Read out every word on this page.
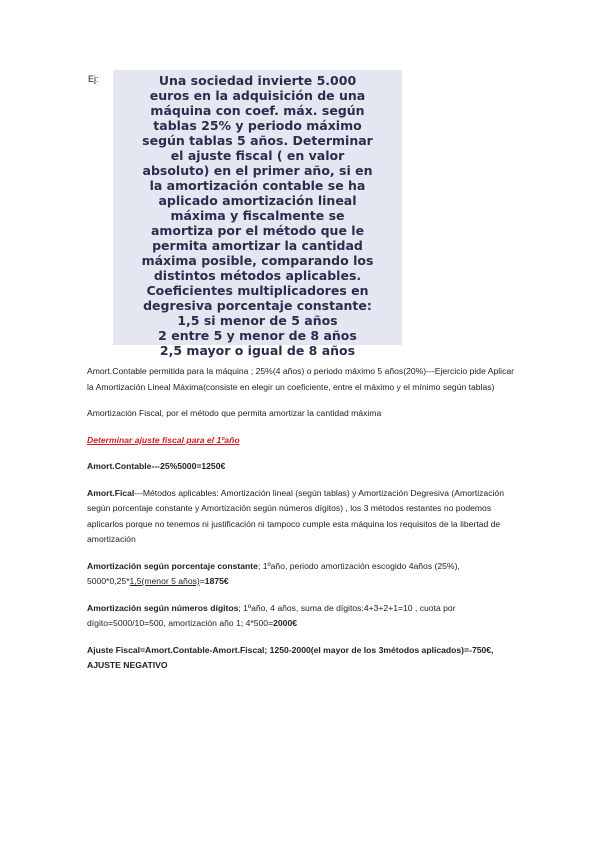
Ej:	Una sociedad invierte 5.000
euros en la adquisición de una
máquina con coef. máx. según
tablas 25% y periodo máximo
según tablas 5 años. Determinar
el ajuste fiscal ( en valor
absoluto) en el primer año, si en
la amortización contable se ha
aplicado amortización lineal
máxima y fiscalmente se
amortiza por el método que le
permita amortizar la cantidad
máxima posible, comparando los
distintos métodos aplicables.
Coeficientes multiplicadores en
degresiva porcentaje constante:
1,5 si menor de 5 años
2 entre 5 y menor de 8 años
2,5 mayor o igual de 8 años

Amort.Contable permitida para la máquina ; 25%(4 años) o periodo máximo 5 años(20%)---Ejercicio pide Aplicar la Amortización Lineal Máxima(consiste en elegir un coeficiente, entre el máximo y el mínimo según tablas)

Amortización Fiscal, por el método que permita amortizar la cantidad máxima

Determinar ajuste fiscal para el 1ºaño

Amort.Contable---25%5000=1250€

Amort.Fical---Métodos aplicables: Amortización lineal (según tablas) y Amortización Degresiva (Amortización según porcentaje constante y Amortización según números dígitos) , los 3 métodos restantes no podemos aplicarlos porque no tenemos ni justificación ni tampoco cumple esta máquina los requisitos de la libertad de amortización

Amortización según porcentaje constante; 1ºaño, periodo amortización escogido 4años (25%), 5000*0,25*1,5(menor 5 años)=1875€

Amortización según números dígitos; 1ºaño, 4 años, suma de dígitos:4+3+2+1=10 , cuota por dígito=5000/10=500, amortización año 1; 4*500=2000€

Ajuste Fiscal=Amort.Contable-Amort.Fiscal; 1250-2000(el mayor de los 3métodos aplicados)=-750€, AJUSTE NEGATIVO
